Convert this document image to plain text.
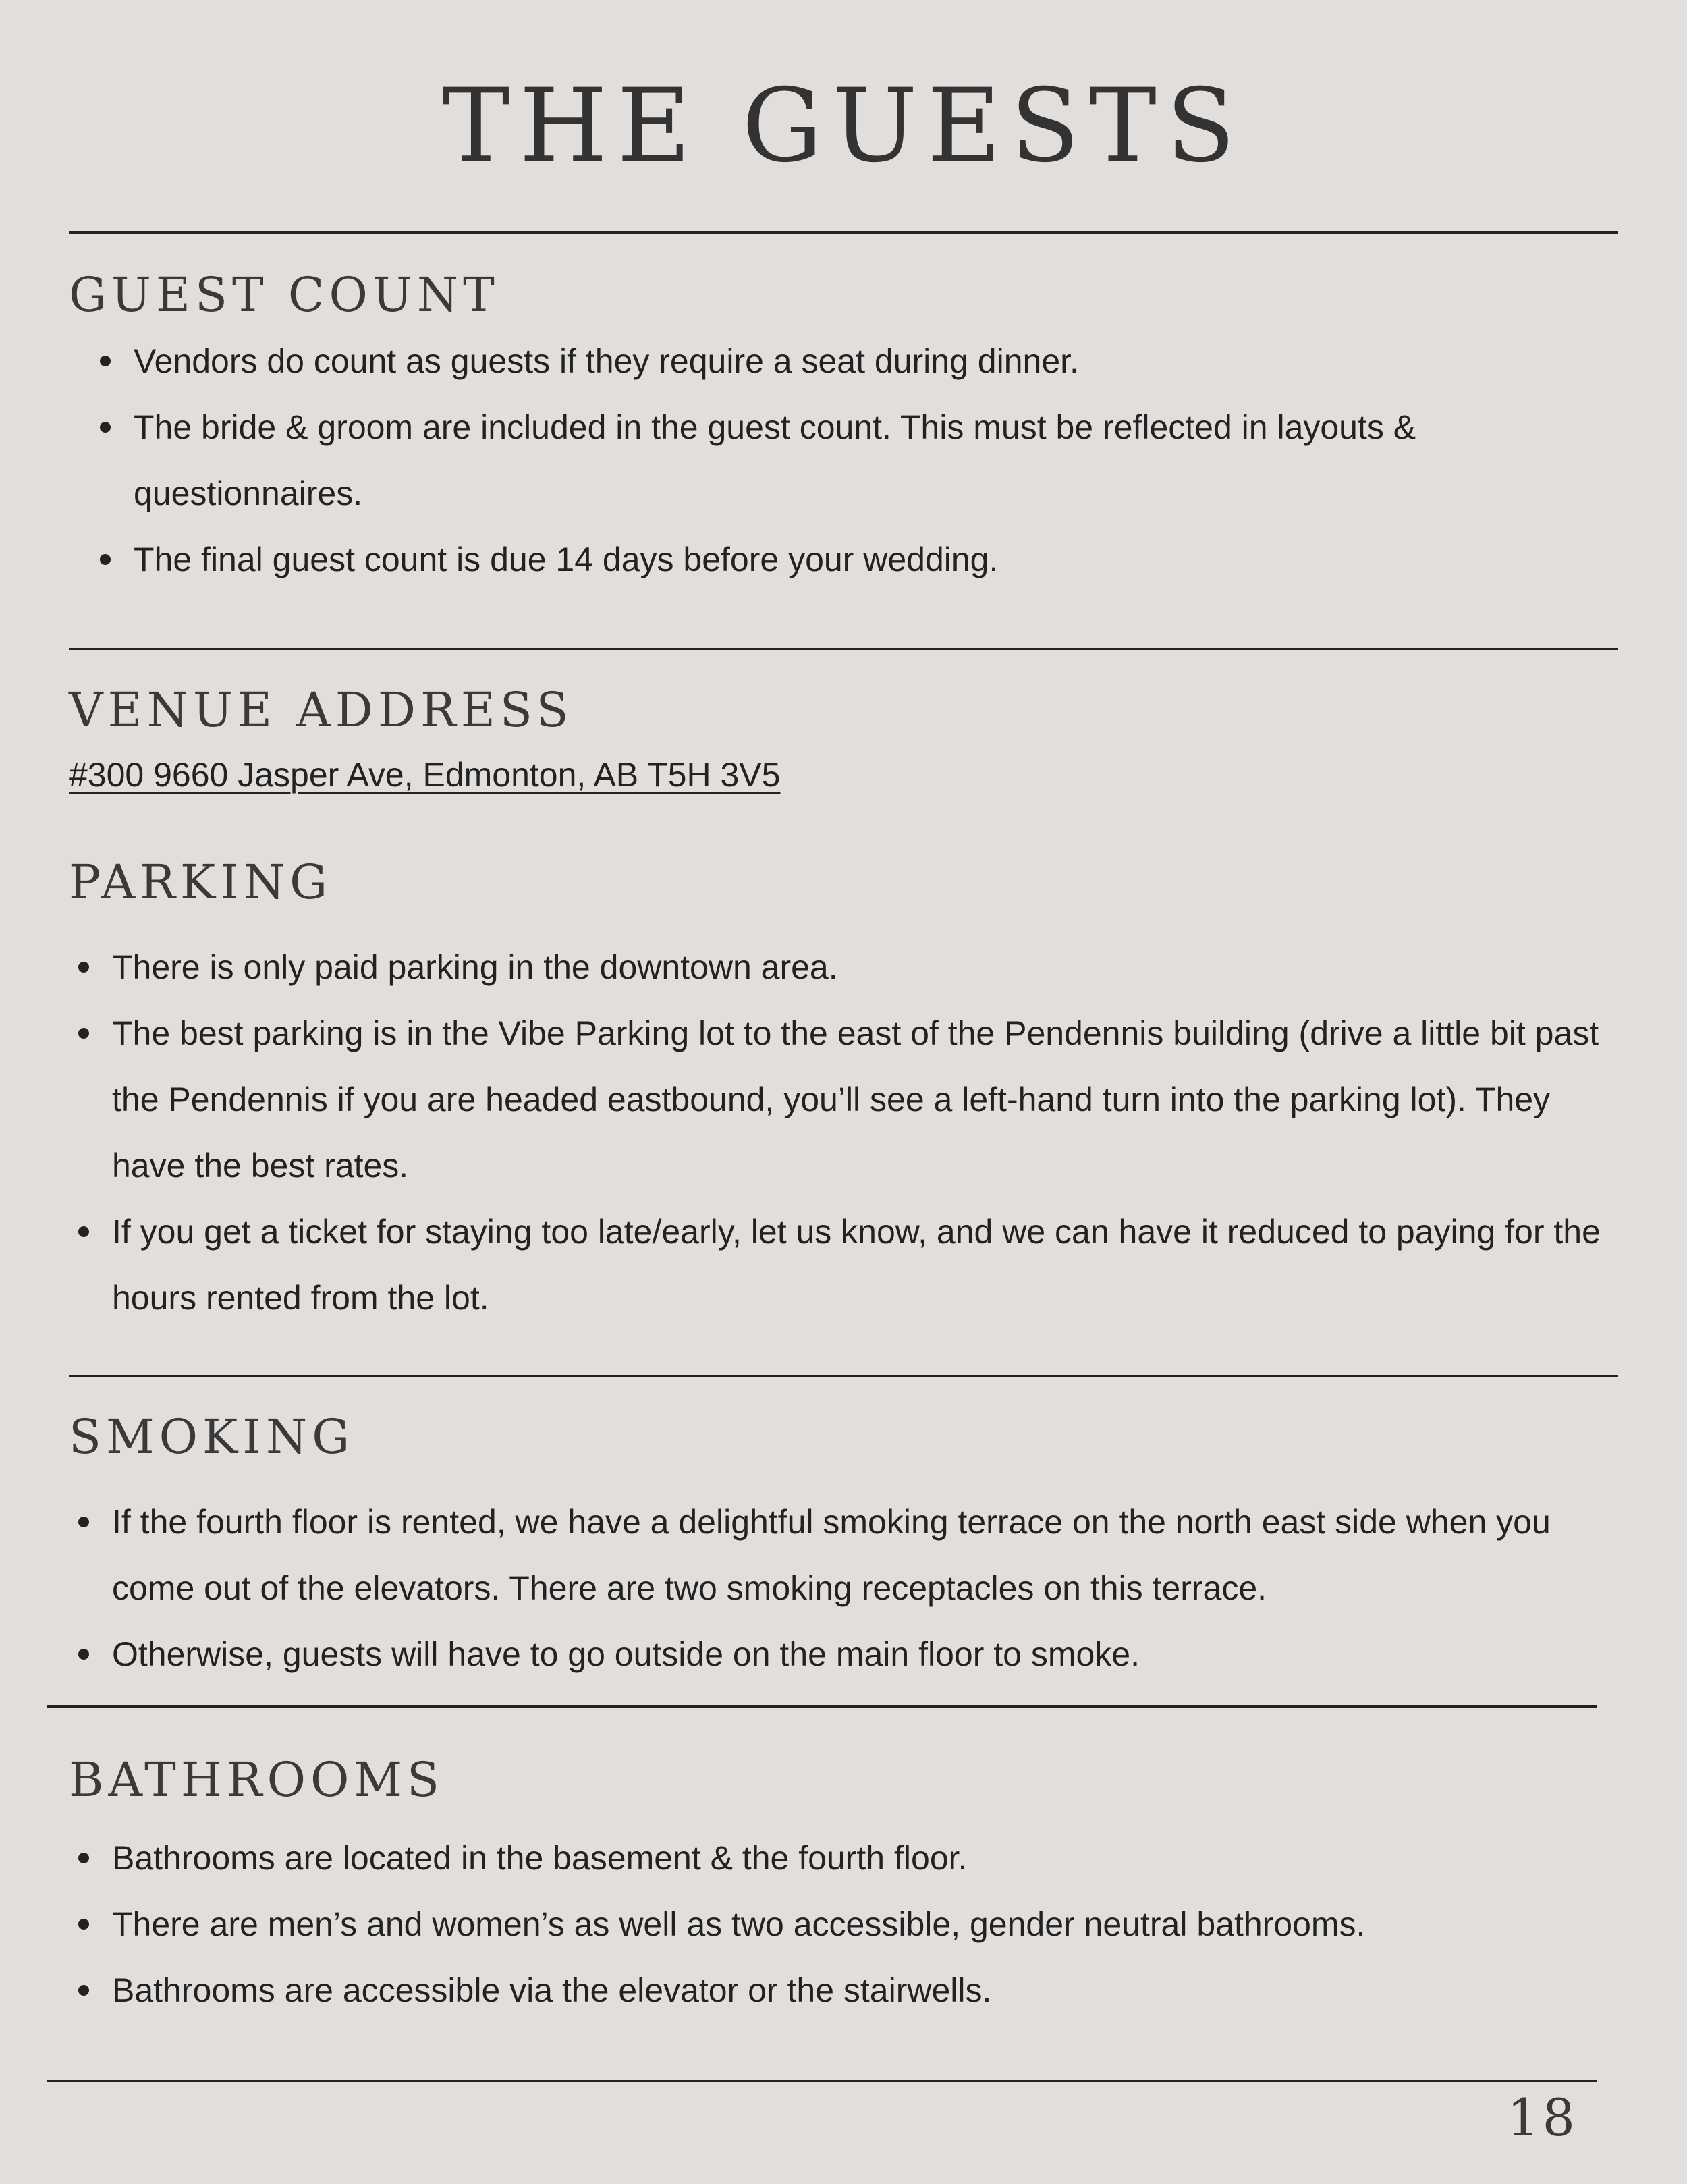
THE GUESTS
GUEST COUNT
Vendors do count as guests if they require a seat during dinner.
The bride & groom are included in the guest count. This must be reflected in layouts & questionnaires.
The final guest count is due 14 days before your wedding.
VENUE ADDRESS
#300 9660 Jasper Ave, Edmonton, AB T5H 3V5
PARKING
There is only paid parking in the downtown area.
The best parking is in the Vibe Parking lot to the east of the Pendennis building (drive a little bit past the Pendennis if you are headed eastbound, you’ll see a left-hand turn into the parking lot). They have the best rates.
If you get a ticket for staying too late/early, let us know, and we can have it reduced to paying for the hours rented from the lot.
SMOKING
If the fourth floor is rented, we have a delightful smoking terrace on the north east side when you come out of the elevators. There are two smoking receptacles on this terrace.
Otherwise, guests will have to go outside on the main floor to smoke.
BATHROOMS
Bathrooms are located in the basement & the fourth floor.
There are men’s and women’s as well as two accessible, gender neutral bathrooms.
Bathrooms are accessible via the elevator or the stairwells.
18
